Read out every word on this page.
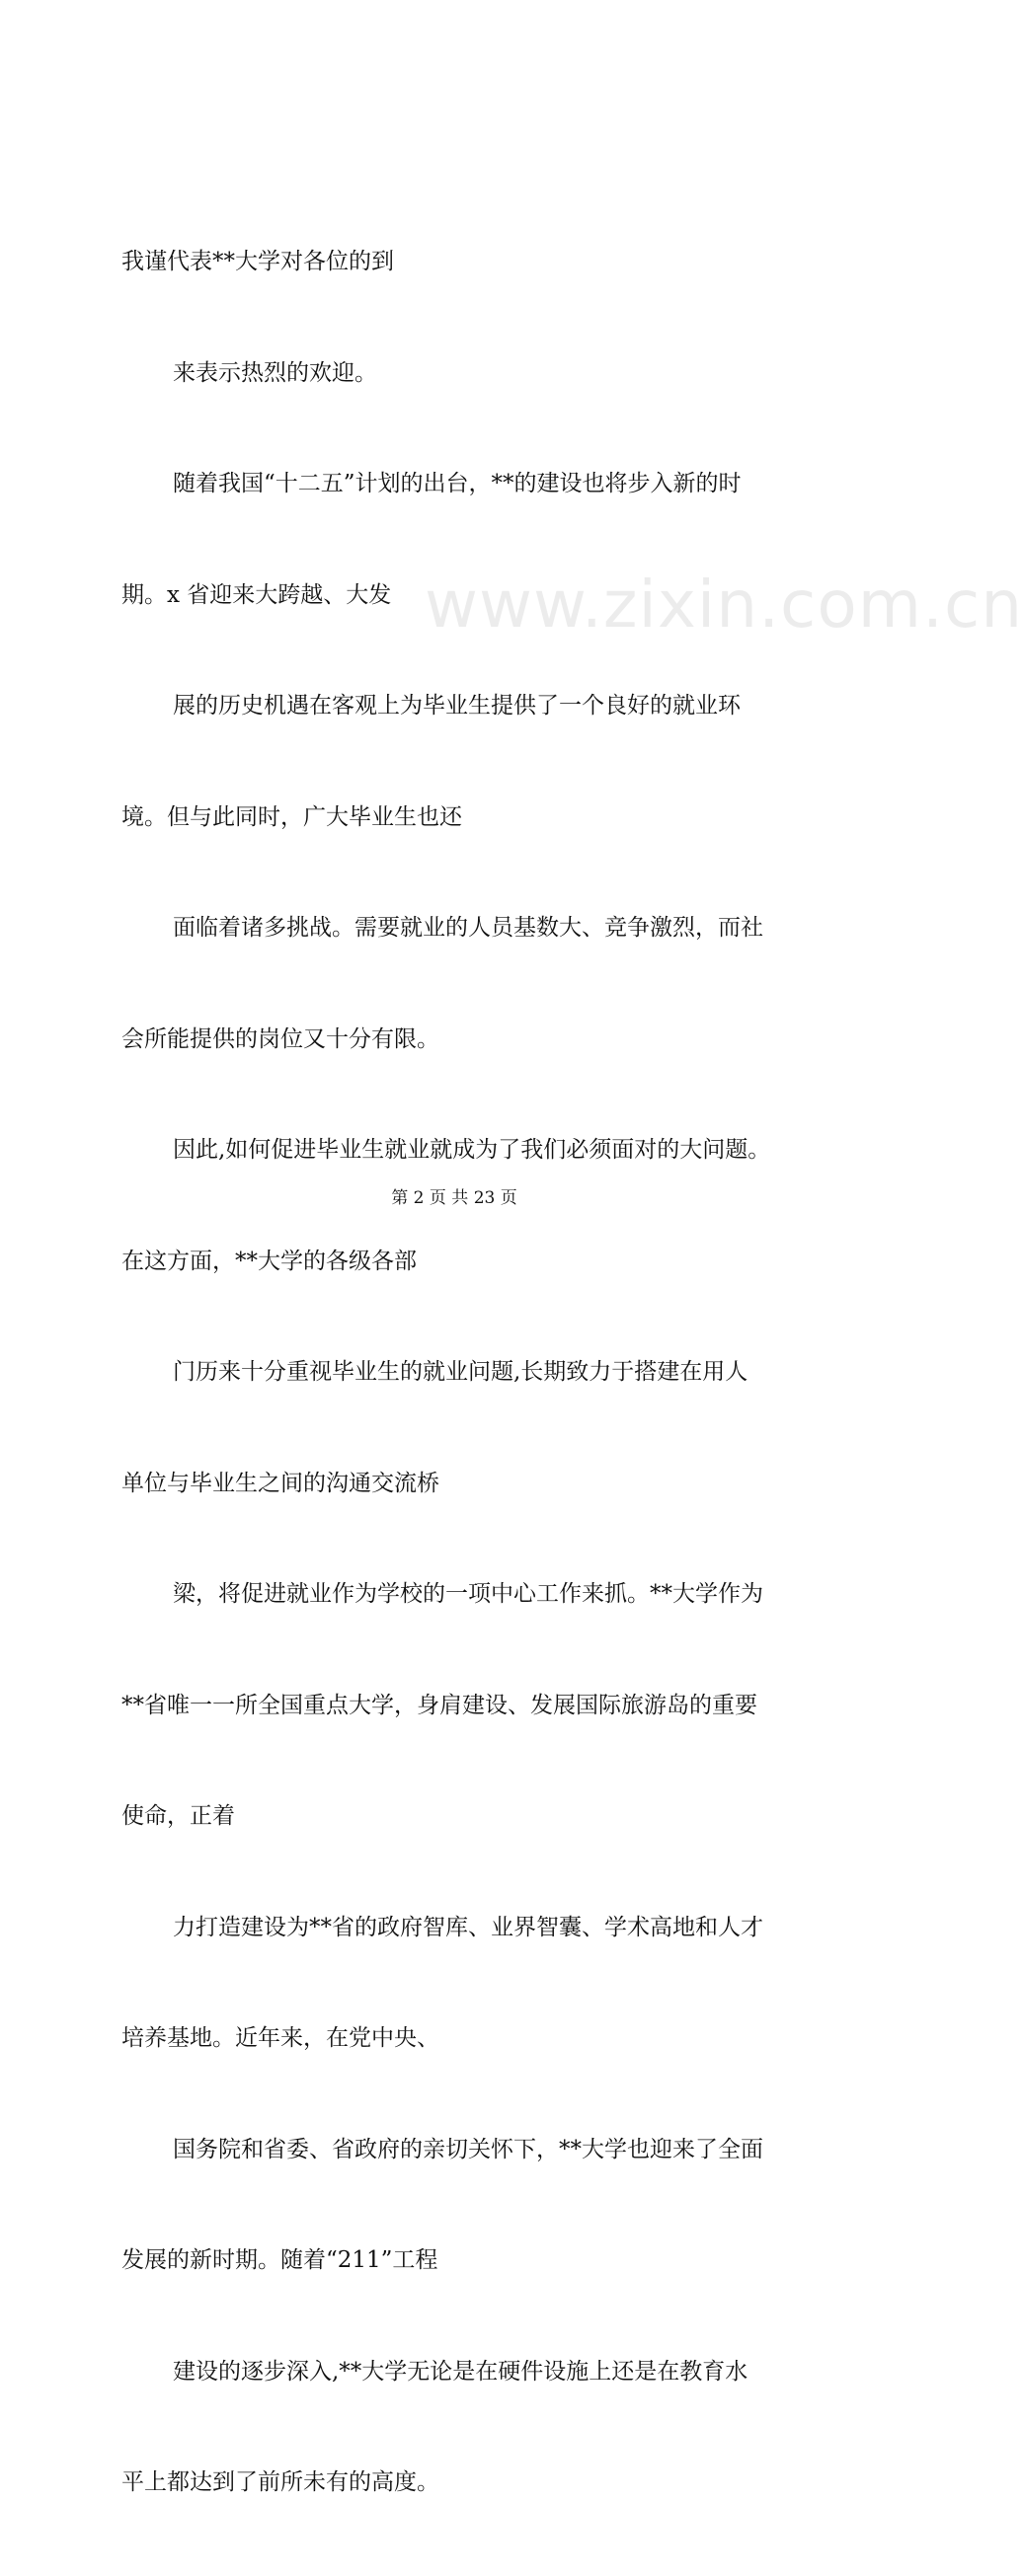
www.zixin.com.cn

我谨代表**大学对各位的到

来表示热烈的欢迎。

随着我国“十二五”计划的出台，**的建设也将步入新的时

期。x 省迎来大跨越、大发

展的历史机遇在客观上为毕业生提供了一个良好的就业环

境。但与此同时，广大毕业生也还

面临着诸多挑战。需要就业的人员基数大、竞争激烈，而社

会所能提供的岗位又十分有限。

因此,如何促进毕业生就业就成为了我们必须面对的大问题。

在这方面，**大学的各级各部

门历来十分重视毕业生的就业问题,长期致力于搭建在用人

单位与毕业生之间的沟通交流桥

梁，将促进就业作为学校的一项中心工作来抓。**大学作为

**省唯一一所全国重点大学，身肩建设、发展国际旅游岛的重要

使命，正着

力打造建设为**省的政府智库、业界智囊、学术高地和人才

培养基地。近年来，在党中央、

国务院和省委、省政府的亲切关怀下，**大学也迎来了全面

发展的新时期。随着“211”工程

建设的逐步深入,**大学无论是在硬件设施上还是在教育水

平上都达到了前所未有的高度。

第 2 页 共 23 页
